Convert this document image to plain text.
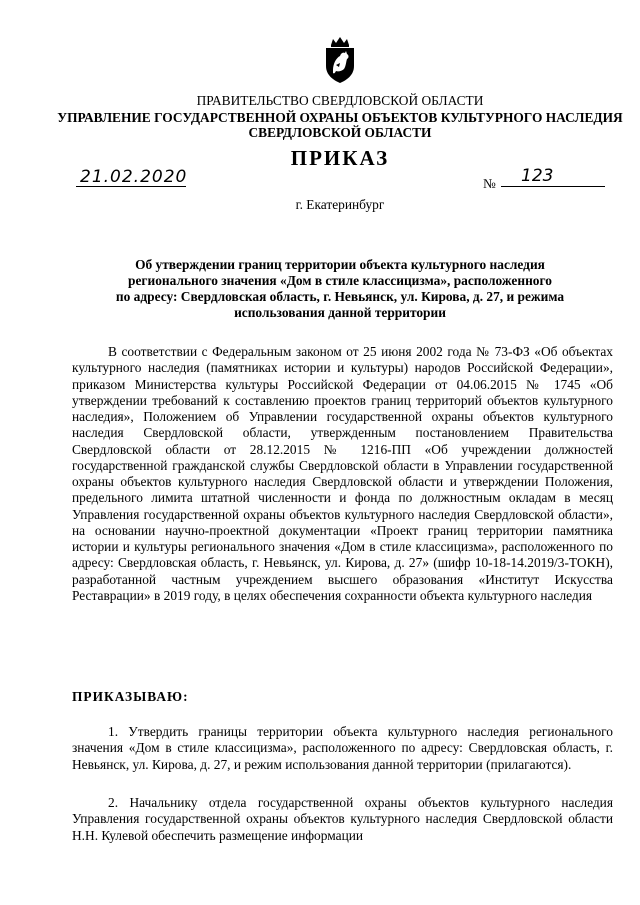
ПРАВИТЕЛЬСТВО СВЕРДЛОВСКОЙ ОБЛАСТИ
УПРАВЛЕНИЕ ГОСУДАРСТВЕННОЙ ОХРАНЫ ОБЪЕКТОВ КУЛЬТУРНОГО НАСЛЕДИЯ
СВЕРДЛОВСКОЙ ОБЛАСТИ
ПРИКАЗ
21.02.2020	№ 123
г. Екатеринбург
Об утверждении границ территории объекта культурного наследия
регионального значения «Дом в стиле классицизма», расположенного
по адресу: Свердловская область, г. Невьянск, ул. Кирова, д. 27, и режима
использования данной территории

В соответствии с Федеральным законом от 25 июня 2002 года № 73-ФЗ «Об объектах культурного наследия (памятниках истории и культуры) народов Российской Федерации», приказом Министерства культуры Российской Федерации от 04.06.2015 № 1745 «Об утверждении требований к составлению проектов границ территорий объектов культурного наследия», Положением об Управлении государственной охраны объектов культурного наследия Свердловской области, утвержденным постановлением Правительства Свердловской области от 28.12.2015 № 1216-ПП «Об учреждении должностей государственной гражданской службы Свердловской области в Управлении государственной охраны объектов культурного наследия Свердловской области и утверждении Положения, предельного лимита штатной численности и фонда по должностным окладам в месяц Управления государственной охраны объектов культурного наследия Свердловской области», на основании научно-проектной документации «Проект границ территории памятника истории и культуры регионального значения «Дом в стиле классицизма», расположенного по адресу: Свердловская область, г. Невьянск, ул. Кирова, д. 27» (шифр 10-18-14.2019/3-ТОКН), разработанной частным учреждением высшего образования «Институт Искусства Реставрации» в 2019 году, в целях обеспечения сохранности объекта культурного наследия

ПРИКАЗЫВАЮ:

1. Утвердить границы территории объекта культурного наследия регионального значения «Дом в стиле классицизма», расположенного по адресу: Свердловская область, г. Невьянск, ул. Кирова, д. 27, и режим использования данной территории (прилагаются).

2. Начальнику отдела государственной охраны объектов культурного наследия Управления государственной охраны объектов культурного наследия Свердловской области Н.Н. Кулевой обеспечить размещение информации
